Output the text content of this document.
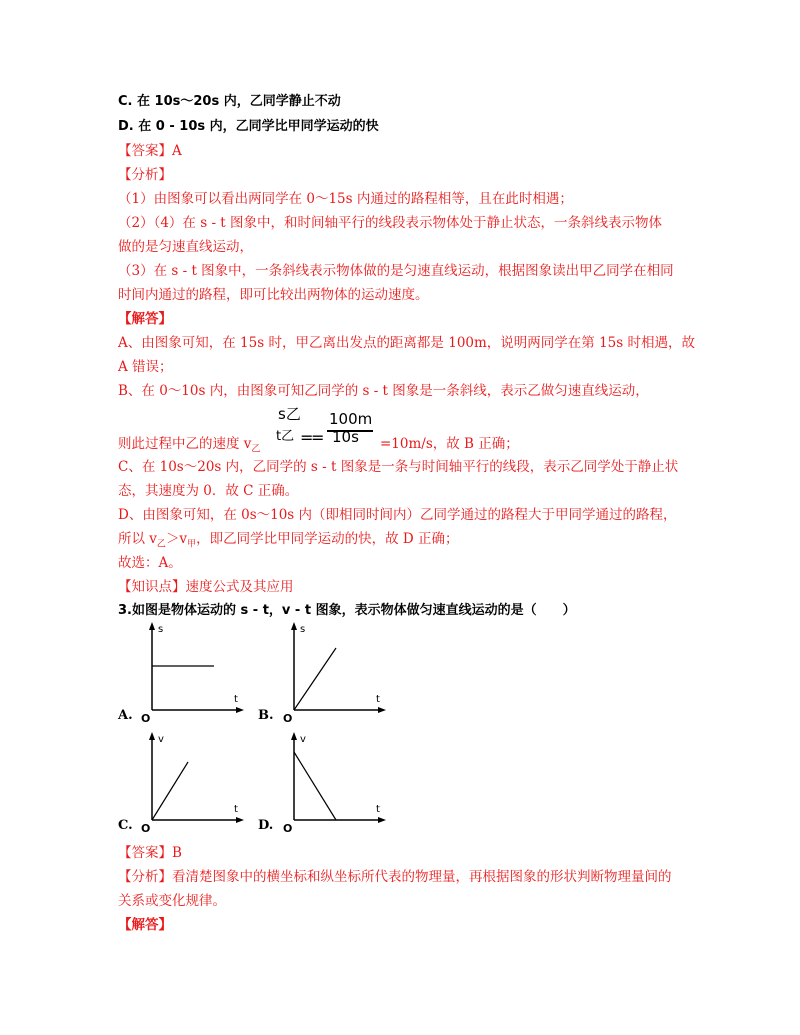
C. 在 10s～20s 内，乙同学静止不动
D. 在 0 - 10s 内，乙同学比甲同学运动的快
【答案】A
【分析】
（1）由图象可以看出两同学在 0～15s 内通过的路程相等，且在此时相遇；
（2）（4）在 s - t 图象中，和时间轴平行的线段表示物体处于静止状态，一条斜线表示物体
做的是匀速直线运动，
（3）在 s - t 图象中，一条斜线表示物体做的是匀速直线运动，根据图象读出甲乙同学在相同
时间内通过的路程，即可比较出两物体的运动速度。
【解答】
A、由图象可知，在 15s 时，甲乙离出发点的距离都是 100m，说明两同学在第 15s 时相遇，故
A 错误；
B、在 0～10s 内，由图象可知乙同学的 s - t 图象是一条斜线，表示乙做匀速直线运动，
则此过程中乙的速度 $v_乙$
s乙
t乙 =
100m
10s
=	=10m/s，故 B 正确；
C、在 10s～20s 内，乙同学的 s - t 图象是一条与时间轴平行的线段，表示乙同学处于静止状
态，其速度为 0．故 C 正确。
D、由图象可知，在 0s～10s 内（即相同时间内）乙同学通过的路程大于甲同学通过的路程，
所以 $v_乙>v_甲$，即乙同学比甲同学运动的快，故 D 正确；
故选：A。
【知识点】速度公式及其应用
3.如图是物体运动的 s - t，v - t 图象，表示物体做匀速直线运动的是（　　）
A.
s
t
O	B.
s
t
O
C.
v
t
O	D.
v
t
O
【答案】B
【分析】看清楚图象中的横坐标和纵坐标所代表的物理量，再根据图象的形状判断物理量间的
关系或变化规律。
【解答】
